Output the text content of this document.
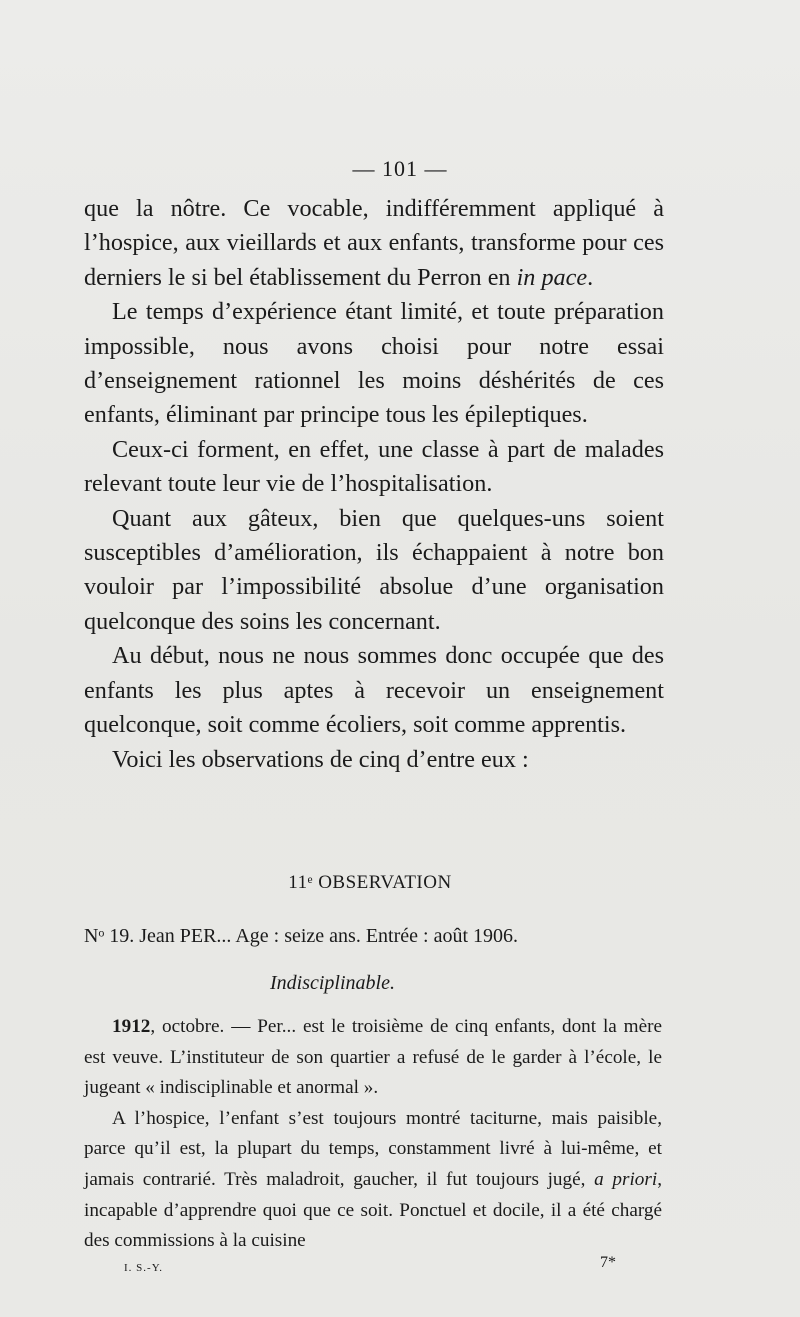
— 101 —

que la nôtre. Ce vocable, indifféremment appliqué à l’hospice, aux vieillards et aux enfants, transforme pour ces derniers le si bel établissement du Perron en in pace.

Le temps d’expérience étant limité, et toute préparation impossible, nous avons choisi pour notre essai d’enseignement rationnel les moins déshérités de ces enfants, éliminant par principe tous les épileptiques.

Ceux-ci forment, en effet, une classe à part de malades relevant toute leur vie de l’hospitalisation.

Quant aux gâteux, bien que quelques-uns soient susceptibles d’amélioration, ils échappaient à notre bon vouloir par l’impossibilité absolue d’une organisation quelconque des soins les concernant.

Au début, nous ne nous sommes donc occupée que des enfants les plus aptes à recevoir un enseignement quelconque, soit comme écoliers, soit comme apprentis.

Voici les observations de cinq d’entre eux :

11ᵉ OBSERVATION
Nᵒ 19. Jean PER... Age : seize ans. Entrée : août 1906.
Indisciplinable.

1912, octobre. — Per... est le troisième de cinq enfants, dont la mère est veuve. L’instituteur de son quartier a refusé de le garder à l’école, le jugeant « indisciplinable et anormal ».

A l’hospice, l’enfant s’est toujours montré taciturne, mais paisible, parce qu’il est, la plupart du temps, constamment livré à lui-même, et jamais contrarié. Très maladroit, gaucher, il fut toujours jugé, a priori, incapable d’apprendre quoi que ce soit. Ponctuel et docile, il a été chargé des commissions à la cuisine

I. S.-Y.	7*
